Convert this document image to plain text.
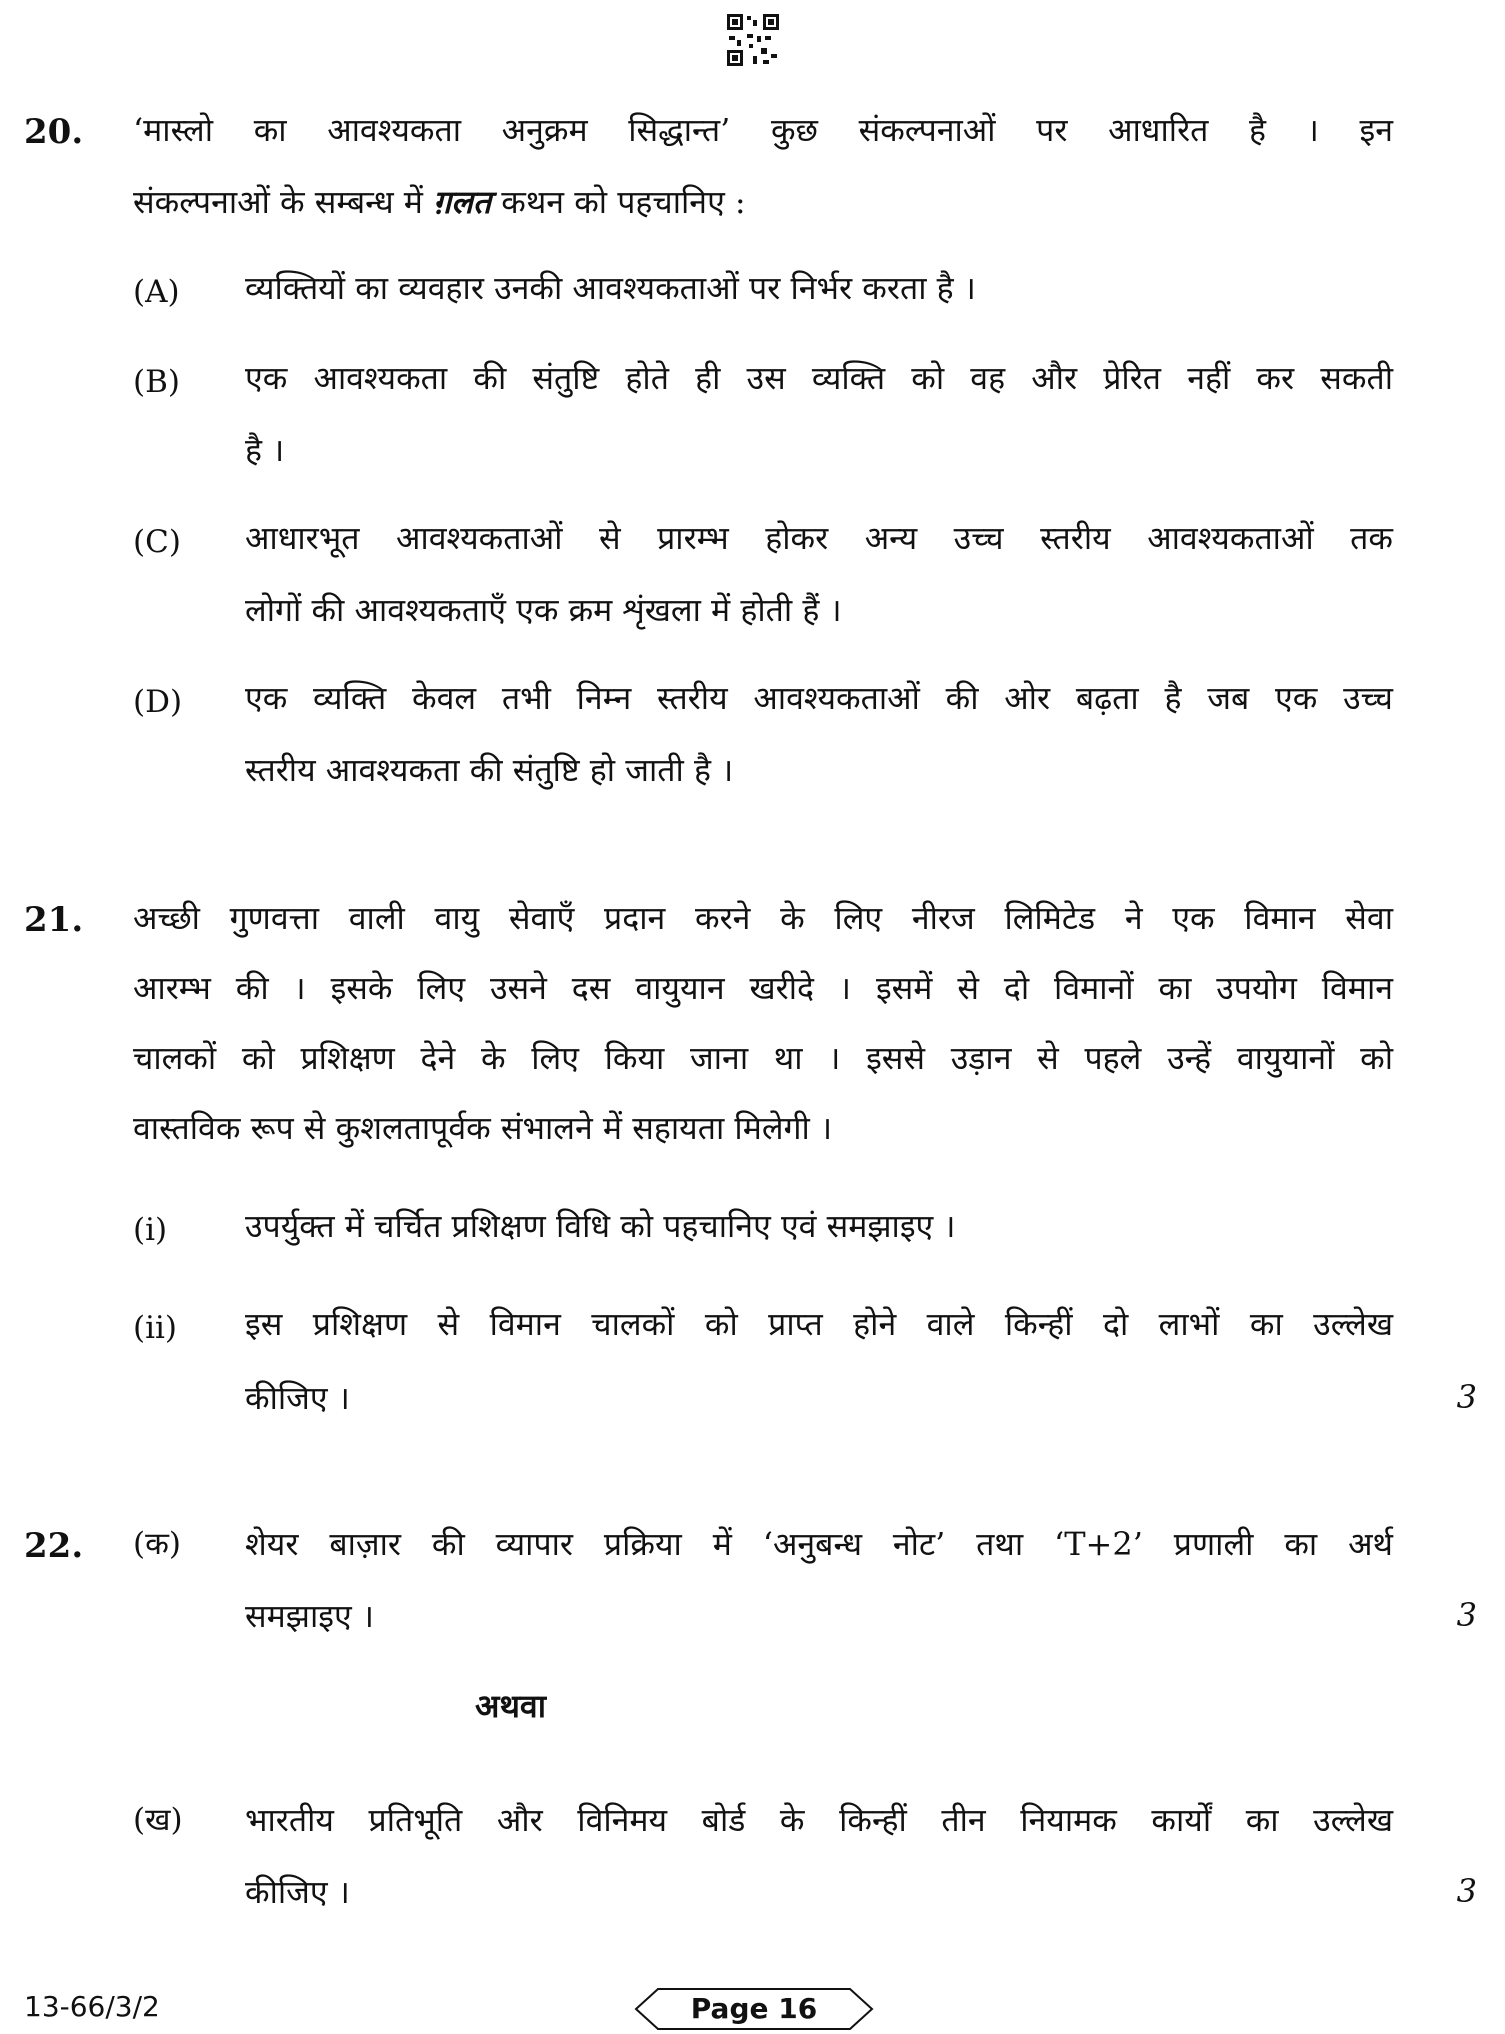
20. ‘मास्लो का आवश्यकता अनुक्रम सिद्धान्त’ कुछ संकल्पनाओं पर आधारित है । इन
संकल्पनाओं के सम्बन्ध में ग़लत कथन को पहचानिए :
(A) व्यक्तियों का व्यवहार उनकी आवश्यकताओं पर निर्भर करता है ।
(B) एक आवश्यकता की संतुष्टि होते ही उस व्यक्ति को वह और प्रेरित नहीं कर सकती
है ।
(C) आधारभूत आवश्यकताओं से प्रारम्भ होकर अन्य उच्च स्तरीय आवश्यकताओं तक
लोगों की आवश्यकताएँ एक क्रम शृंखला में होती हैं ।
(D) एक व्यक्ति केवल तभी निम्न स्तरीय आवश्यकताओं की ओर बढ़ता है जब एक उच्च
स्तरीय आवश्यकता की संतुष्टि हो जाती है ।
21. अच्छी गुणवत्ता वाली वायु सेवाएँ प्रदान करने के लिए नीरज लिमिटेड ने एक विमान सेवा
आरम्भ की । इसके लिए उसने दस वायुयान खरीदे । इसमें से दो विमानों का उपयोग विमान
चालकों को प्रशिक्षण देने के लिए किया जाना था । इससे उड़ान से पहले उन्हें वायुयानों को
वास्तविक रूप से कुशलतापूर्वक संभालने में सहायता मिलेगी ।
(i) उपर्युक्त में चर्चित प्रशिक्षण विधि को पहचानिए एवं समझाइए ।
(ii) इस प्रशिक्षण से विमान चालकों को प्राप्त होने वाले किन्हीं दो लाभों का उल्लेख
कीजिए ।	3
22. (क) शेयर बाज़ार की व्यापार प्रक्रिया में ‘अनुबन्ध नोट’ तथा ‘T+2’ प्रणाली का अर्थ
समझाइए ।	3
अथवा
(ख) भारतीय प्रतिभूति और विनिमय बोर्ड के किन्हीं तीन नियामक कार्यों का उल्लेख
कीजिए ।	3
13-66/3/2	Page 16
